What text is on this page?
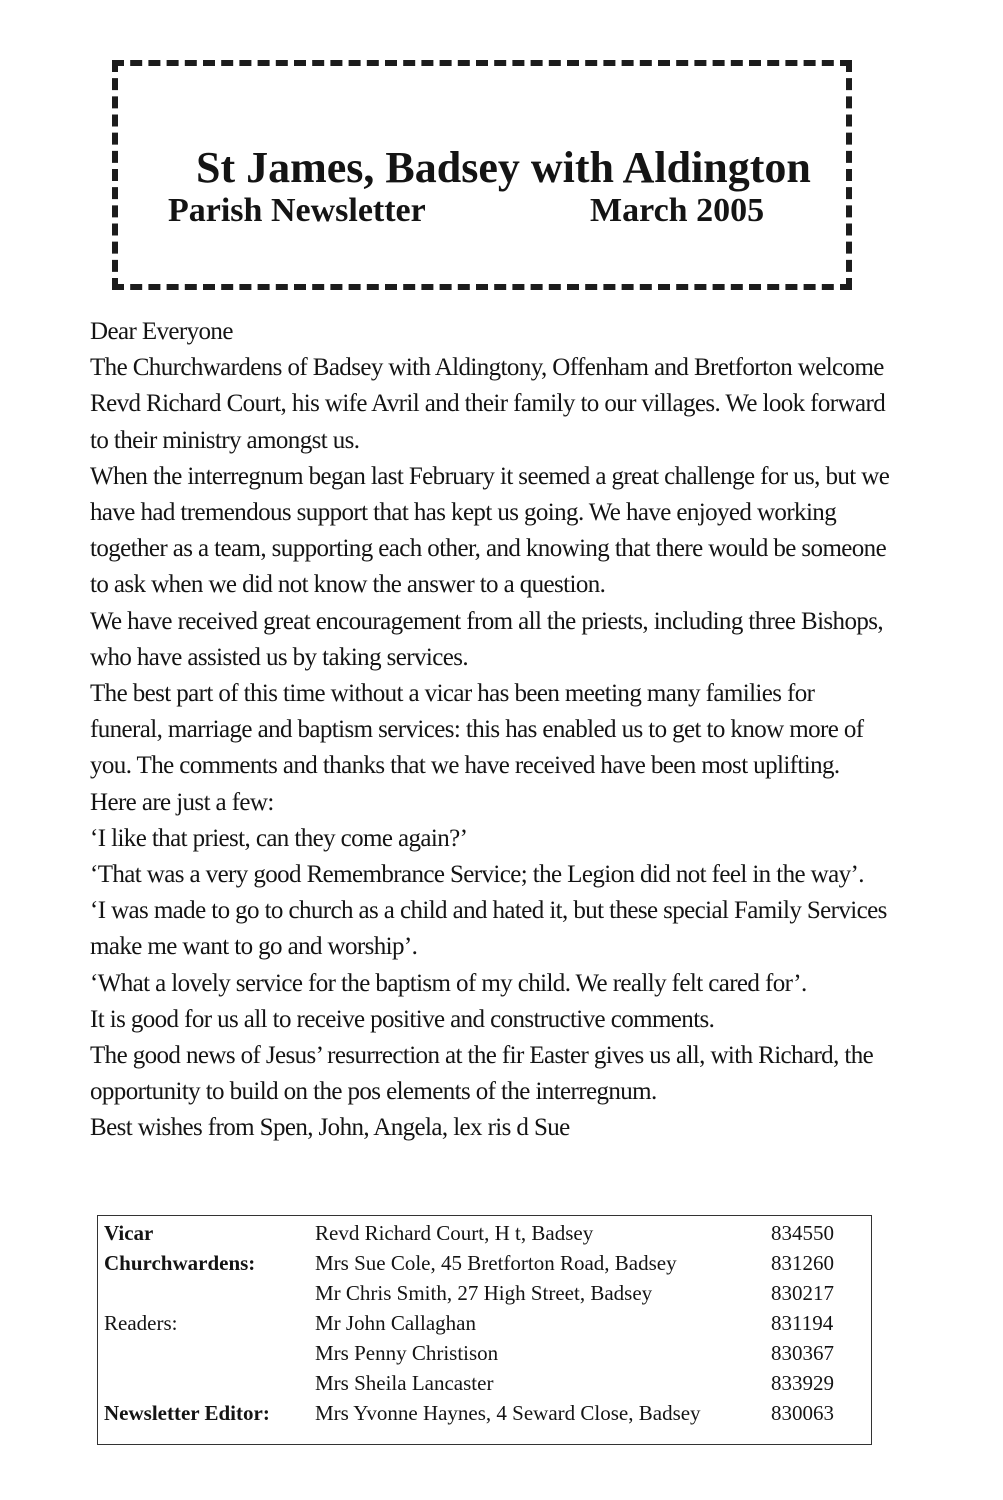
St James, Badsey with Aldington
Parish Newsletter	March 2005

Dear Everyone

The Churchwardens of Badsey with Aldingtony, Offenham and Bretforton welcome Revd Richard Court, his wife Avril and their family to our villages. We look forward to their ministry amongst us.

When the interregnum began last February it seemed a great challenge for us, but we have had tremendous support that has kept us going. We have enjoyed working together as a team, supporting each other, and knowing that there would be someone to ask when we did not know the answer to a question.

We have received great encouragement from all the priests, including three Bishops, who have assisted us by taking services.

The best part of this time without a vicar has been meeting many families for funeral, marriage and baptism services: this has enabled us to get to know more of you. The comments and thanks that we have received have been most uplifting. Here are just a few:

‘I like that priest, can they come again?’

‘That was a very good Remembrance Service; the Legion did not feel in the way’.

‘I was made to go to church as a child and hated it, but these special Family Services make me want to go and worship’.

‘What a lovely service for the baptism of my child. We really felt cared for’.

It is good for us all to receive positive and constructive comments.

The good news of Jesus’ resurrection at the fir Easter gives us all, with Richard, the opportunity to build on the pos elements of the interregnum.

Best wishes from Spen, John, Angela, lex ris d Sue

Vicar	Revd Richard Court, H t, Badsey	834550
Churchwardens:	Mrs Sue Cole, 45 Bretforton Road, Badsey	831260
	Mr Chris Smith, 27 High Street, Badsey	830217
Readers:	Mr John Callaghan	831194
	Mrs Penny Christison	830367
	Mrs Sheila Lancaster	833929
Newsletter Editor:	Mrs Yvonne Haynes, 4 Seward Close, Badsey	830063
